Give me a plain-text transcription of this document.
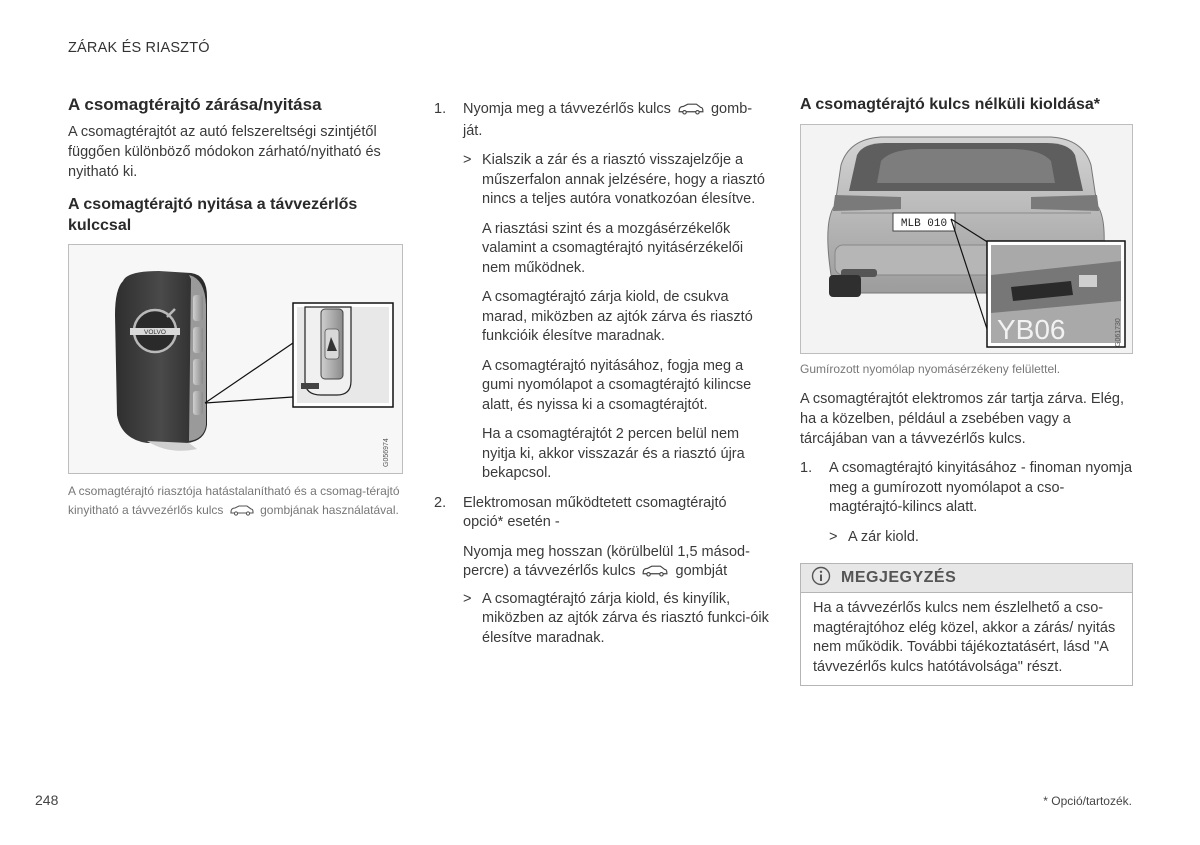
ZÁRAK ÉS RIASZTÓ
A csomagtérajtó zárása/nyitása

A csomagtérajtót az autó felszereltségi szintjétől függően különböző módokon zárható/nyitható és nyitható ki.

A csomagtérajtó nyitása a távvezérlős kulccsal
VOLVO
G056974
A csomagtérajtó riasztója hatástalanítható és a csomag-térajtó kinyitható a távvezérlős kulcs	gombjának használatával.
1. Nyomja meg a távvezérlős kulcs	gomb-ját.
> Kialszik a zár és a riasztó visszajelzője a műszerfalon annak jelzésére, hogy a riasztó nincs a teljes autóra vonatkozóan élesítve.
A riasztási szint és a mozgásérzékelők valamint a csomagtérajtó nyitásérzékelői nem működnek.
A csomagtérajtó zárja kiold, de csukva marad, miközben az ajtók zárva és riasztó funkcióik élesítve maradnak.
A csomagtérajtó nyitásához, fogja meg a gumi nyomólapot a csomagtérajtó kilincse alatt, és nyissa ki a csomagtérajtót.
Ha a csomagtérajtót 2 percen belül nem nyitja ki, akkor visszazár és a riasztó újra bekapcsol.
2. Elektromosan működtetett csomagtérajtó opció* esetén -
Nyomja meg hosszan (körülbelül 1,5 másod-percre) a távvezérlős kulcs	gombját
> A csomagtérajtó zárja kiold, és kinyílik, miközben az ajtók zárva és riasztó funkci-óik élesítve maradnak.
A csomagtérajtó kulcs nélküli kioldása*
MLB 010
YB06	G061730
Gumírozott nyomólap nyomásérzékeny felülettel.

A csomagtérajtót elektromos zár tartja zárva. Elég, ha a közelben, például a zsebében vagy a tárcájában van a távvezérlős kulcs.

1. A csomagtérajtó kinyitásához - finoman nyomja meg a gumírozott nyomólapot a cso-magtérajtó-kilincs alatt.
> A zár kiold.
MEGJEGYZÉS
Ha a távvezérlős kulcs nem észlelhető a cso-magtérajtóhoz elég közel, akkor a zárás/ nyitás nem működik. További tájékoztatásért, lásd "A távvezérlős kulcs hatótávolsága" részt.
248	* Opció/tartozék.
